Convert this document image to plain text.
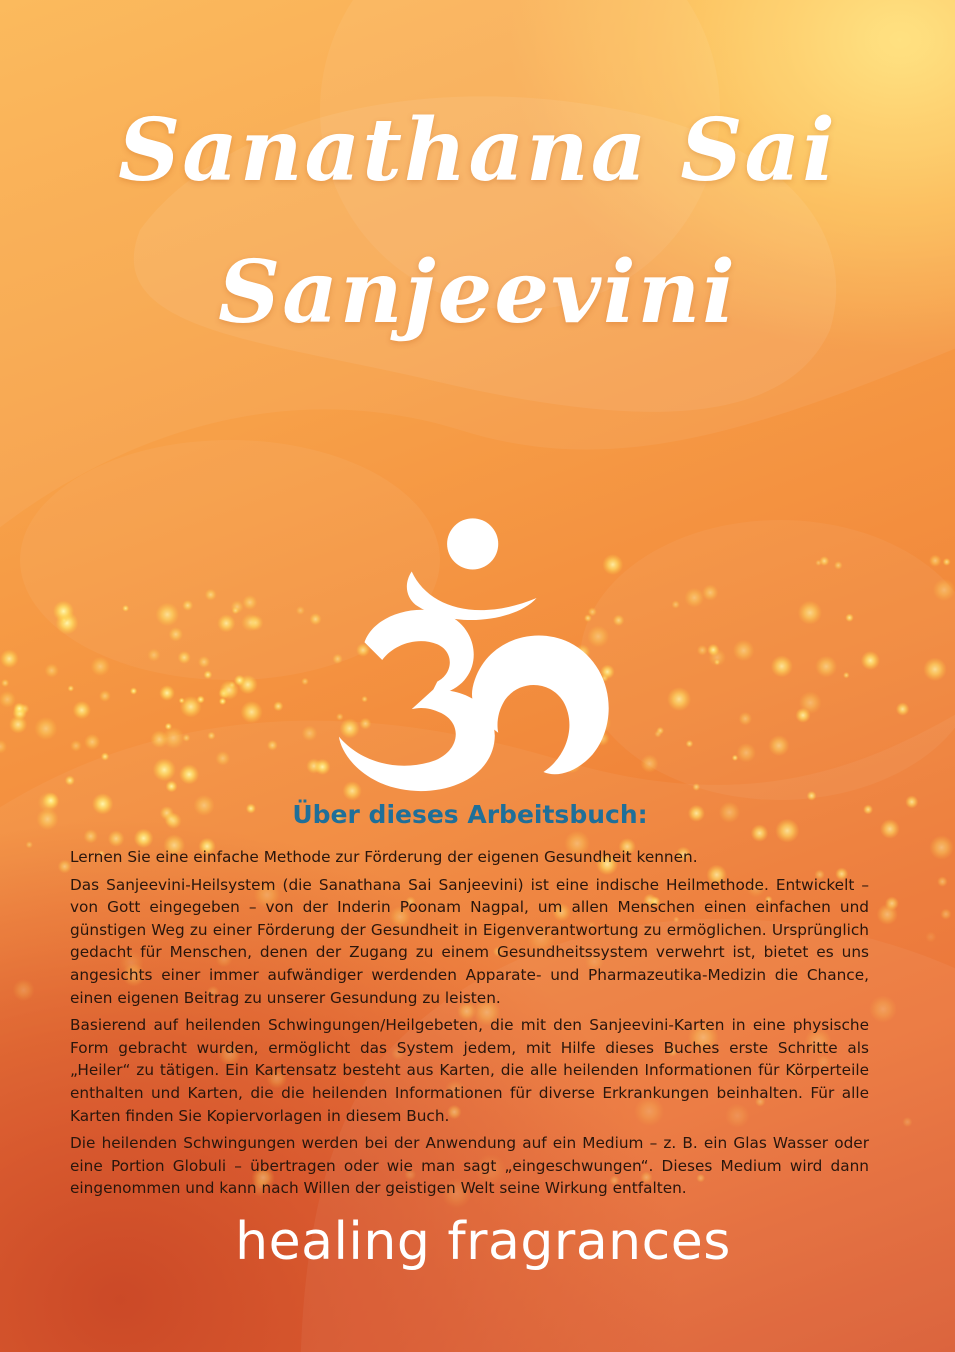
Sanathana Sai
Sanjeevini
Über dieses Arbeitsbuch:

Lernen Sie eine einfache Methode zur Förderung der eigenen Gesundheit kennen.

Das Sanjeevini-Heilsystem (die Sanathana Sai Sanjeevini) ist eine indische Heilmethode. Entwickelt – von Gott eingegeben – von der Inderin Poonam Nagpal, um allen Menschen einen einfachen und günstigen Weg zu einer Förderung der Gesundheit in Eigenverantwortung zu ermöglichen. Ursprünglich gedacht für Menschen, denen der Zugang zu einem Gesundheitssystem verwehrt ist, bietet es uns angesichts einer immer aufwändiger werdenden Apparate- und Pharmazeutika-Medizin die Chance, einen eigenen Beitrag zu unserer Gesundung zu leisten.

Basierend auf heilenden Schwingungen/Heilgebeten, die mit den Sanjeevini-Karten in eine physische Form gebracht wurden, ermöglicht das System jedem, mit Hilfe dieses Buches erste Schritte als „Heiler“ zu tätigen. Ein Kartensatz besteht aus Karten, die alle heilenden Informationen für Körperteile enthalten und Karten, die die heilenden Informationen für diverse Erkrankungen beinhalten. Für alle Karten finden Sie Kopiervorlagen in diesem Buch.

Die heilenden Schwingungen werden bei der Anwendung auf ein Medium – z. B. ein Glas Wasser oder eine Portion Globuli – übertragen oder wie man sagt „eingeschwungen“. Dieses Medium wird dann eingenommen und kann nach Willen der geistigen Welt seine Wirkung entfalten.

healing fragrances
